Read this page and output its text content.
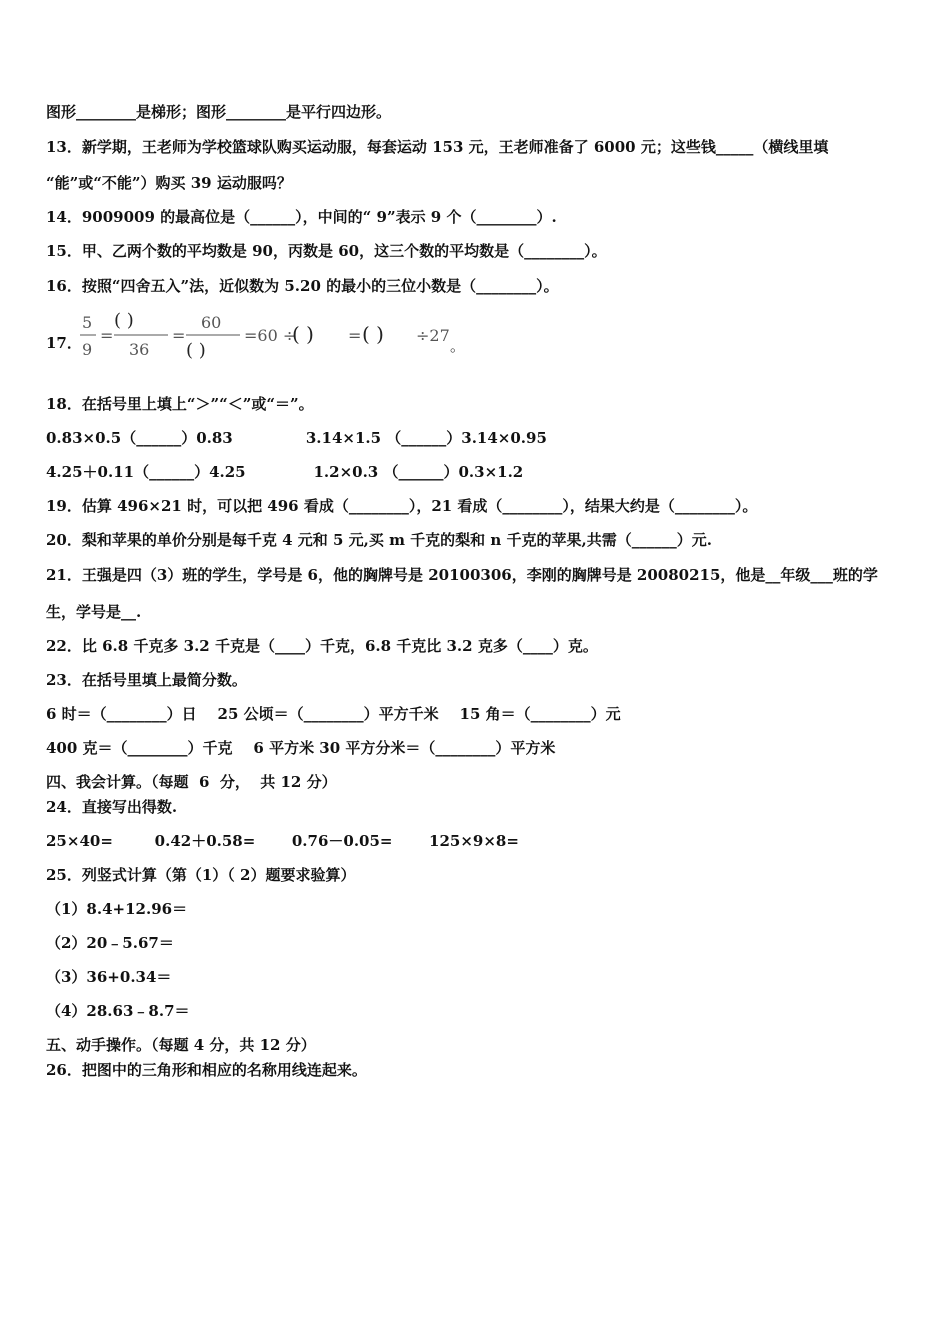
图形________是梯形；图形________是平行四边形。
13．新学期，王老师为学校篮球队购买运动服，每套运动 153 元，王老师准备了 6000 元；这些钱_____（横线里填
“能”或“不能”）购买 39 运动服吗？
14．9009009 的最高位是（______），中间的“ 9”表示 9 个（________）.
15．甲、乙两个数的平均数是 90，丙数是 60，这三个数的平均数是（________）。
16．按照“四舍五入”法，近似数为 5.20 的最小的三位小数是（________）。
17．
5
9
=
( )
36
=
60
( )
=60 ÷
( ) = ( ) ÷27
。
18．在括号里上填上“＞”“＜”或“＝”。
0.83×0.5（______）0.83              3.14×1.5 （______）3.14×0.95
4.25＋0.11（______）4.25             1.2×0.3 （______）0.3×1.2
19．估算 496×21 时，可以把 496 看成（________），21 看成（________），结果大约是（________）。
20．梨和苹果的单价分别是每千克 4 元和 5 元,买 m 千克的梨和 n 千克的苹果,共需（______）元.
21．王强是四（3）班的学生，学号是 6，他的胸牌号是 20100306，李刚的胸牌号是 20080215，他是__年级___班的学
生，学号是__.
22．比 6.8 千克多 3.2 千克是（____）千克，6.8 千克比 3.2 克多（____）克。
23．在括号里填上最简分数。
6 时＝（________）日    25 公顷＝（________）平方千米    15 角＝（________）元
400 克＝（________）千克    6 平方米 30 平方分米＝（________）平方米
四、我会计算。（每题  6  分，  共 12 分）
24．直接写出得数.
25×40=        0.42＋0.58=       0.76－0.05=       125×9×8=
25．列竖式计算（第（1）（ 2）题要求验算）
（1）8.4+12.96＝
（2）20﹣5.67＝
（3）36+0.34＝
（4）28.63﹣8.7＝
五、动手操作。（每题 4 分，共 12 分）
26．把图中的三角形和相应的名称用线连起来。
